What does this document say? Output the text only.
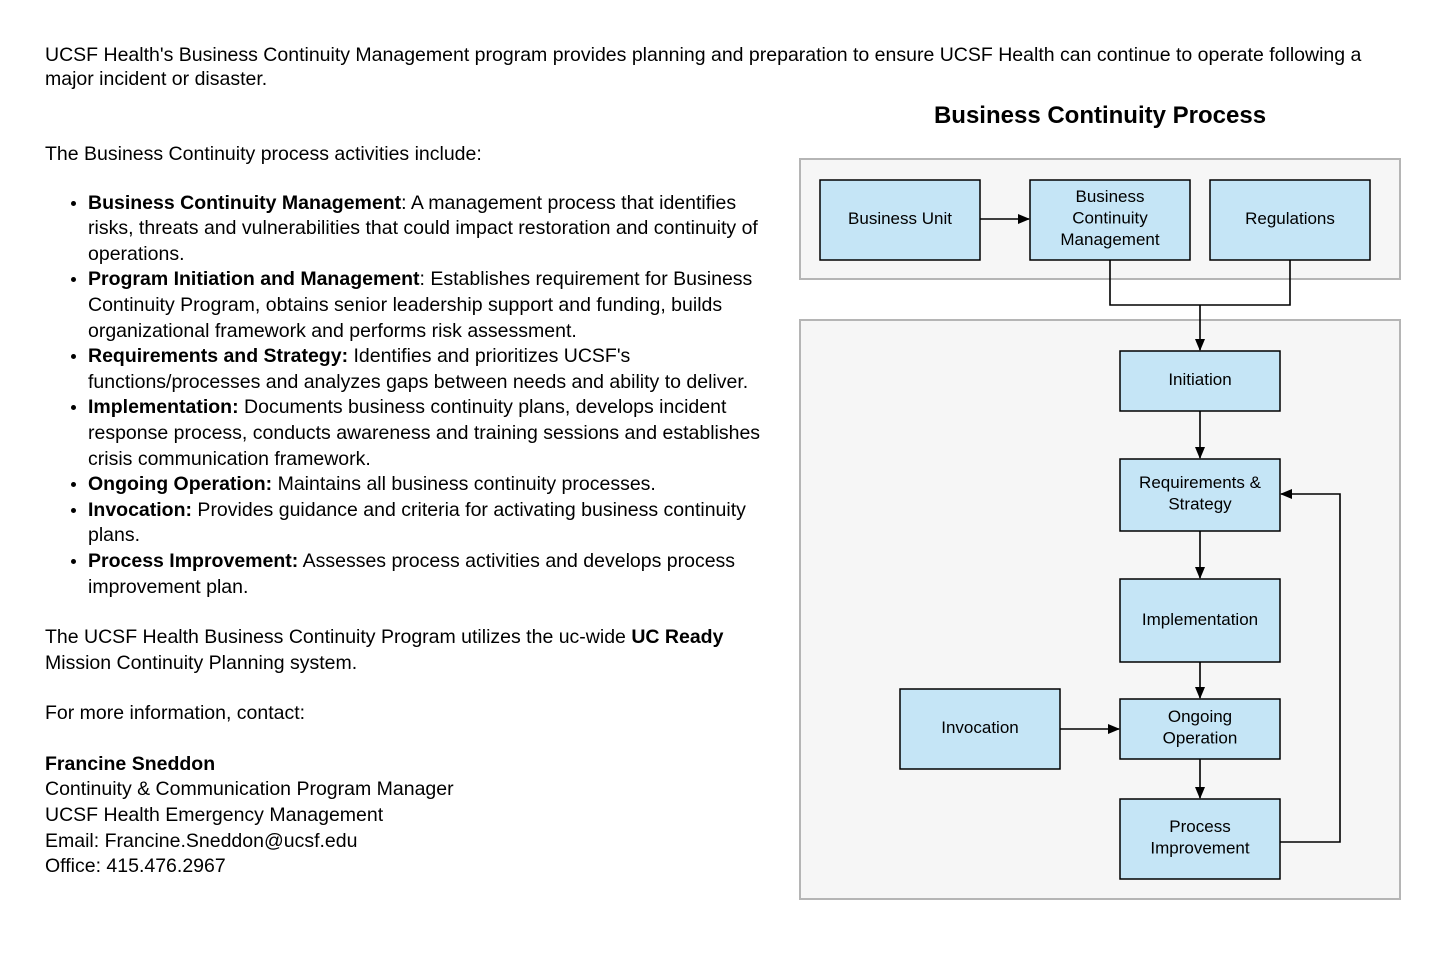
UCSF Health's Business Continuity Management program provides planning and preparation to ensure UCSF Health can continue to operate following a major incident or disaster.

The Business Continuity process activities include:

• Business Continuity Management: A management process that identifies risks, threats and vulnerabilities that could impact restoration and continuity of operations.
• Program Initiation and Management: Establishes requirement for Business Continuity Program, obtains senior leadership support and funding, builds organizational framework and performs risk assessment.
• Requirements and Strategy: Identifies and prioritizes UCSF's functions/processes and analyzes gaps between needs and ability to deliver.
• Implementation: Documents business continuity plans, develops incident response process, conducts awareness and training sessions and establishes crisis communication framework.
• Ongoing Operation: Maintains all business continuity processes.
• Invocation: Provides guidance and criteria for activating business continuity plans.
• Process Improvement: Assesses process activities and develops process improvement plan.

The UCSF Health Business Continuity Program utilizes the uc-wide UC Ready Mission Continuity Planning system.

For more information, contact:

Francine Sneddon
Continuity & Communication Program Manager
UCSF Health Emergency Management
Email: Francine.Sneddon@ucsf.edu
Office: 415.476.2967
Business Continuity Process
Business Unit
Business Continuity Management
Regulations
Initiation
Requirements & Strategy
Implementation
Invocation
Ongoing Operation
Process Improvement
